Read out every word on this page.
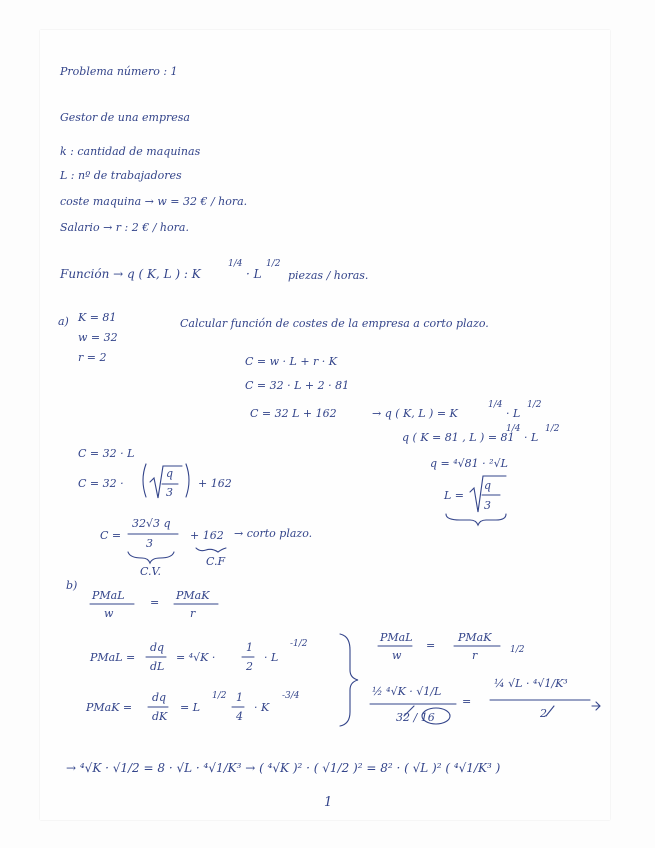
Problema número : 1
Gestor de una empresa
k : cantidad de maquinas
L : nº de trabajadores
coste maquina → w = 32 € / hora.
Salario → r : 2 € / hora.
Función → q ( K, L ) : K
1/4
· L
1/2
piezas / horas.
a) K = 81
w = 32
r = 2
Calcular función de costes de la empresa a corto plazo.
C = w · L + r · K
C = 32 · L + 2 · 81
C = 32 L + 162	→ q ( K, L ) = K
1/4
· L
1/2
q ( K = 81 , L ) = 81
1/4
· L
1/2
q = ⁴√81 · ²√L
L =
q
3
C = 32 · L
C = 32 ·
q
3
+ 162
C =
32√3 q
3
+ 162 → corto plazo.
C.V.
C.F
b)
PMaL
w
=
PMaK
r
PMaL =
dq
dL
= ⁴√K ·
1
2
· L
-1/2
PMaK =
dq
dK
= L
1/2 1
4
· K
-3/4
PMaL
w
=
PMaK
r	1/2
½ ⁴√K · √1/L
32 / 16
=
¼ √L · ⁴√1/K³
2
→ ⁴√K · √1/2 = 8 · √L · ⁴√1/K³ → ( ⁴√K )² · ( √1/2 )² = 8² · ( √L )² ( ⁴√1/K³ )
1
